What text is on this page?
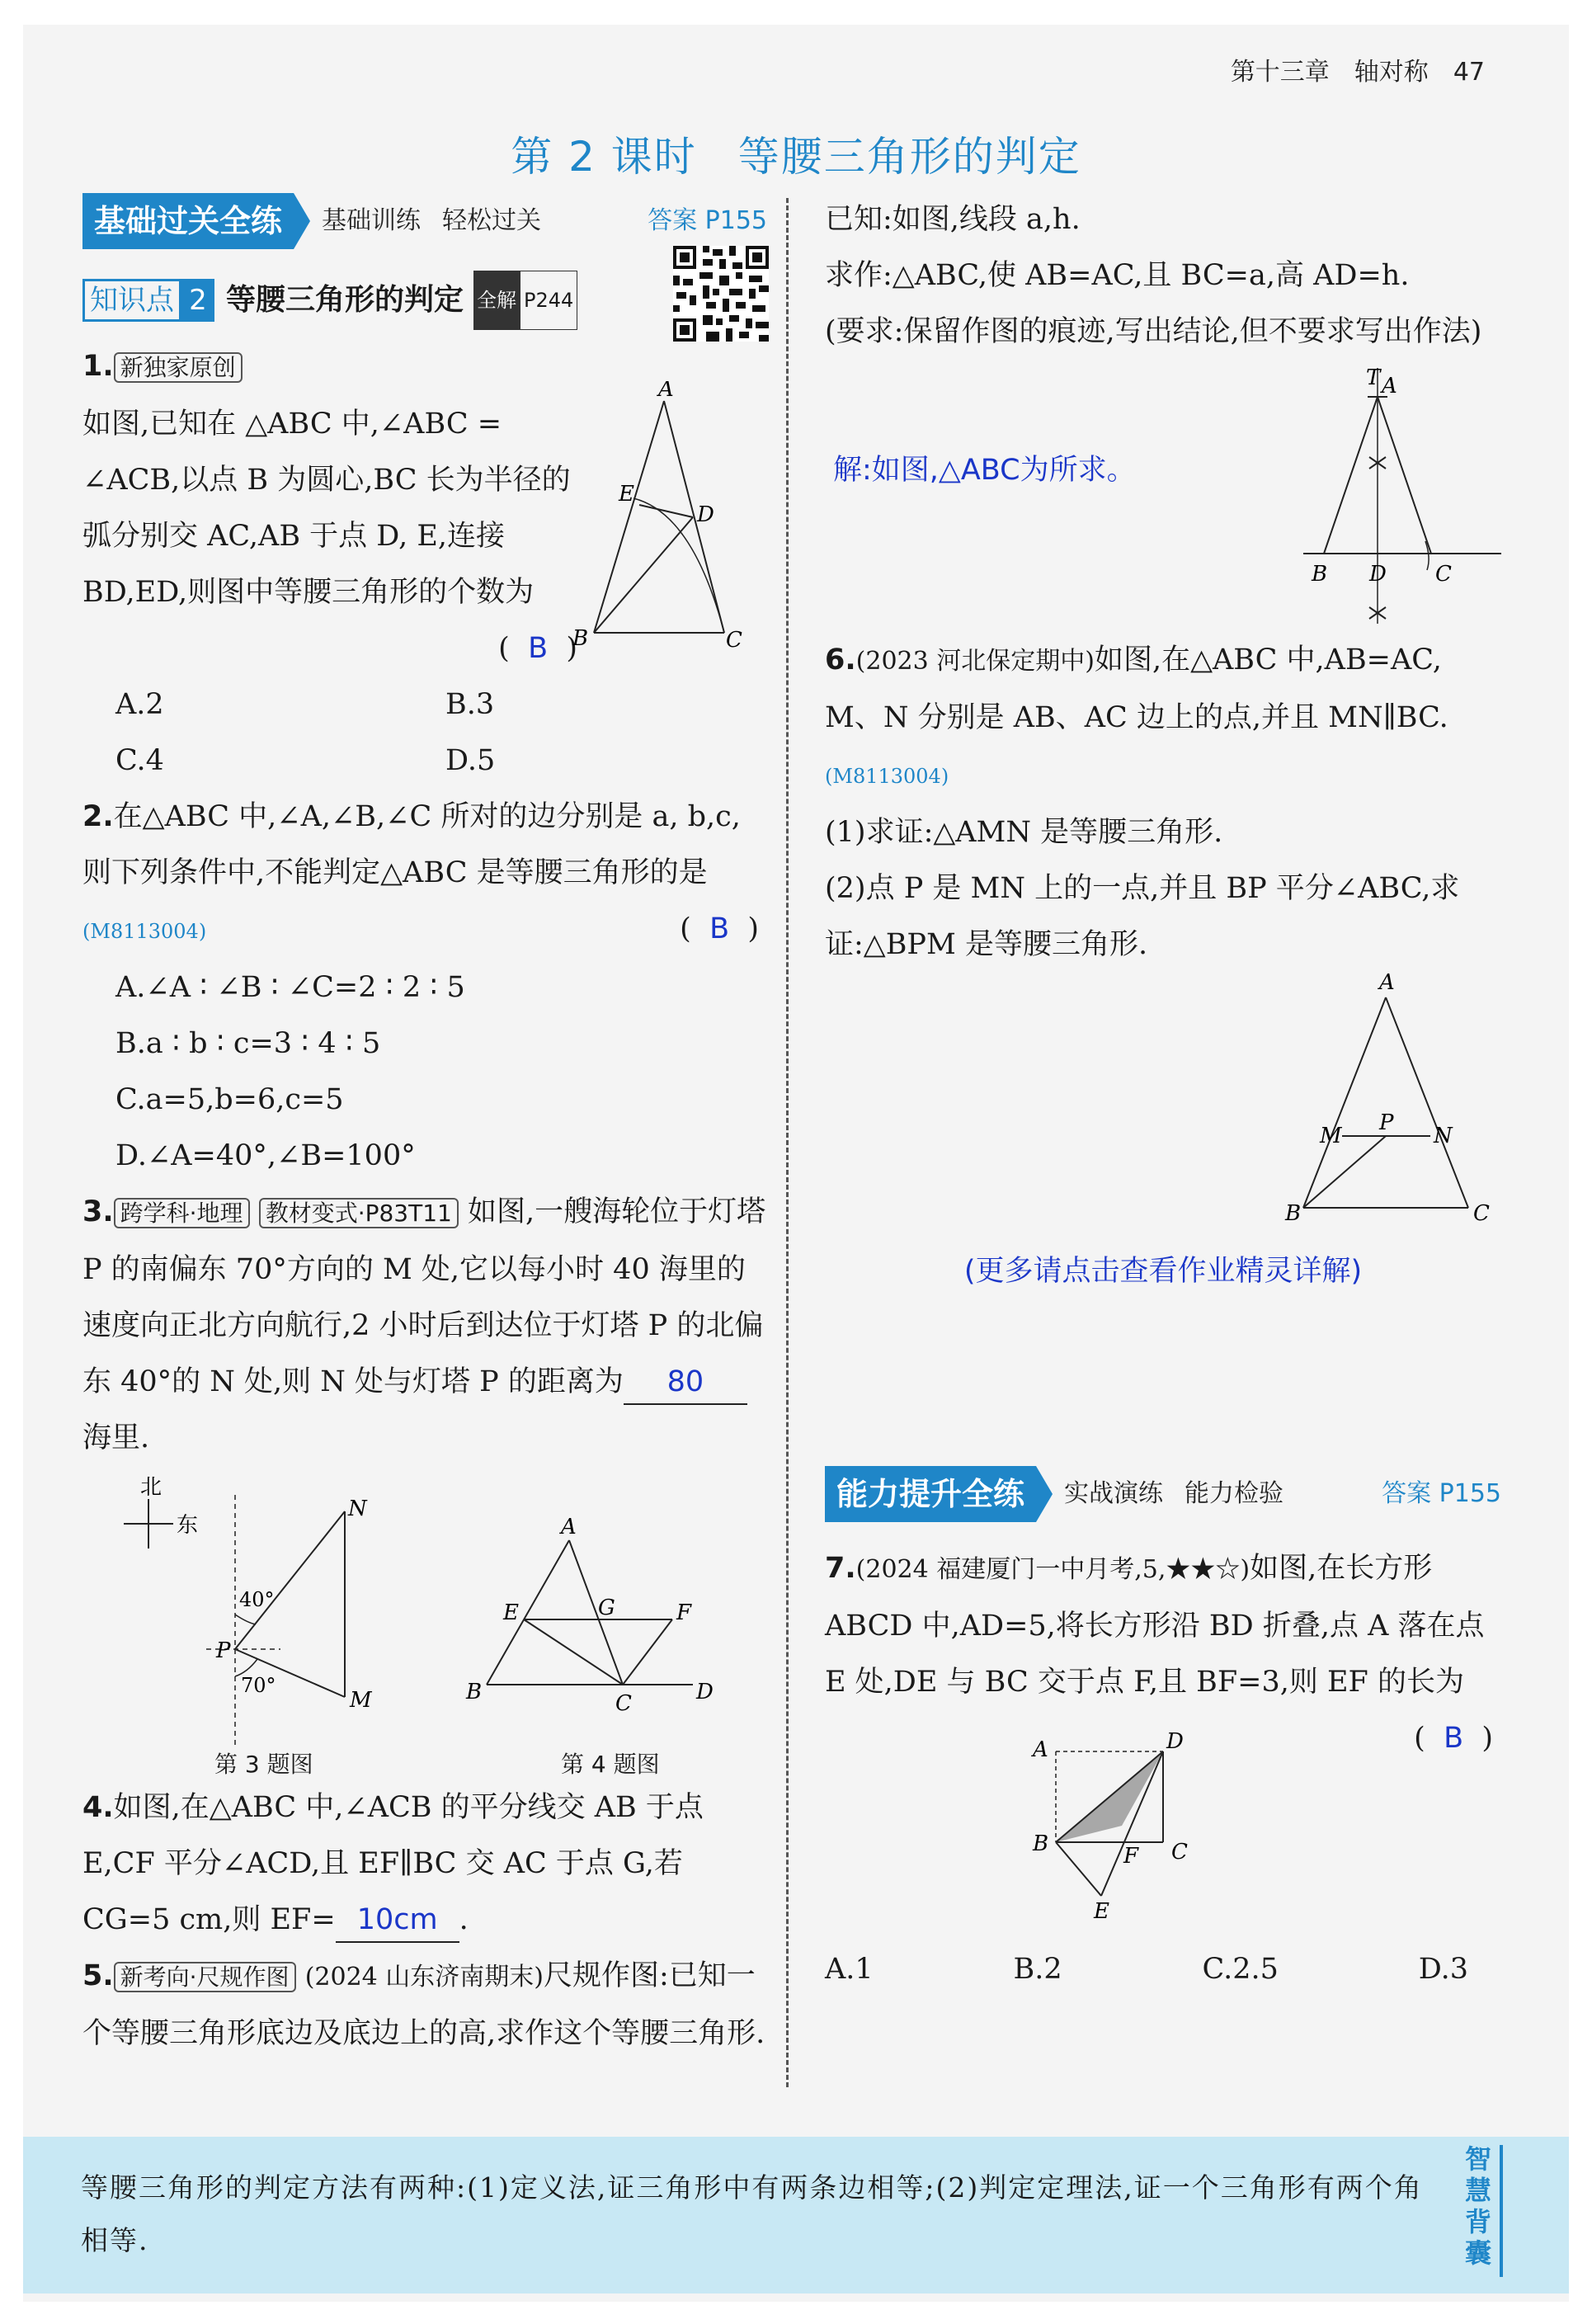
第十三章　轴对称 47
第 2 课时 等腰三角形的判定
基础过关全练	基础训练 轻松过关	答案 P155
知识点 2 等腰三角形的判定 全解 P244
A
E
D
B	C
1. 新独家原创
如图,已知在 △ABC 中,∠ABC = ∠ACB,以点 B 为圆心,BC 长为半径的弧分别交 AC,AB 于点 D, E,连接 BD,ED,则图中等腰三角形的个数为
(  B  )
A.2	B.3
C.4	D.5
2.在△ABC 中,∠A,∠B,∠C 所对的边分别是 a, b,c,则下列条件中,不能判定△ABC 是等腰三角形的是(M8113004)	(  B  )
A.∠A ∶ ∠B ∶ ∠C=2 ∶ 2 ∶ 5
B.a ∶ b ∶ c=3 ∶ 4 ∶ 5
C.a=5,b=6,c=5
D.∠A=40°,∠B=100°
3. 跨学科·地理 教材变式·P83T11 如图,一艘海轮位于灯塔 P 的南偏东 70°方向的 M 处,它以每小时 40 海里的速度向正北方向航行,2 小时后到达位于灯塔 P 的北偏东 40°的 N 处,则 N 处与灯塔 P 的距离为 80海里.
北
东
40°
70°
P
N
M
A
E	G	F
B	C	D
第 3 题图	第 4 题图
4.如图,在△ABC 中,∠ACB 的平分线交 AB 于点 E,CF 平分∠ACD,且 EF∥BC 交 AC 于点 G,若 CG=5 cm,则 EF= 10cm .
5. 新考向·尺规作图 (2024 山东济南期末)尺规作图:已知一个等腰三角形底边及底边上的高,求作这个等腰三角形.
已知:如图,线段 a,h.
求作:△ABC,使 AB=AC,且 BC=a,高 AD=h.
(要求:保留作图的痕迹,写出结论,但不要求写出作法)
解:如图,△ABC为所求。
T A
B D C
6.(2023 河北保定期中)如图,在△ABC 中,AB=AC, M、N 分别是 AB、AC 边上的点,并且 MN∥BC.(M8113004)
(1)求证:△AMN 是等腰三角形.
(2)点 P 是 MN 上的一点,并且 BP 平分∠ABC,求证:△BPM 是等腰三角形.
A
M
P
N
B	C
(更多请点击查看作业精灵详解)
能力提升全练	实战演练 能力检验	答案 P155
7.(2024 福建厦门一中月考,5,★★☆)如图,在长方形 ABCD 中,AD=5,将长方形沿 BD 折叠,点 A 落在点 E 处,DE 与 BC 交于点 F,且 BF=3,则 EF 的长为
(  B  )
A	D
B	F C
E
A.1	B.2	C.2.5	D.3
等腰三角形的判定方法有两种:(1)定义法,证三角形中有两条边相等;(2)判定定理法,证一个三角形有两个角相等.
智慧背囊
